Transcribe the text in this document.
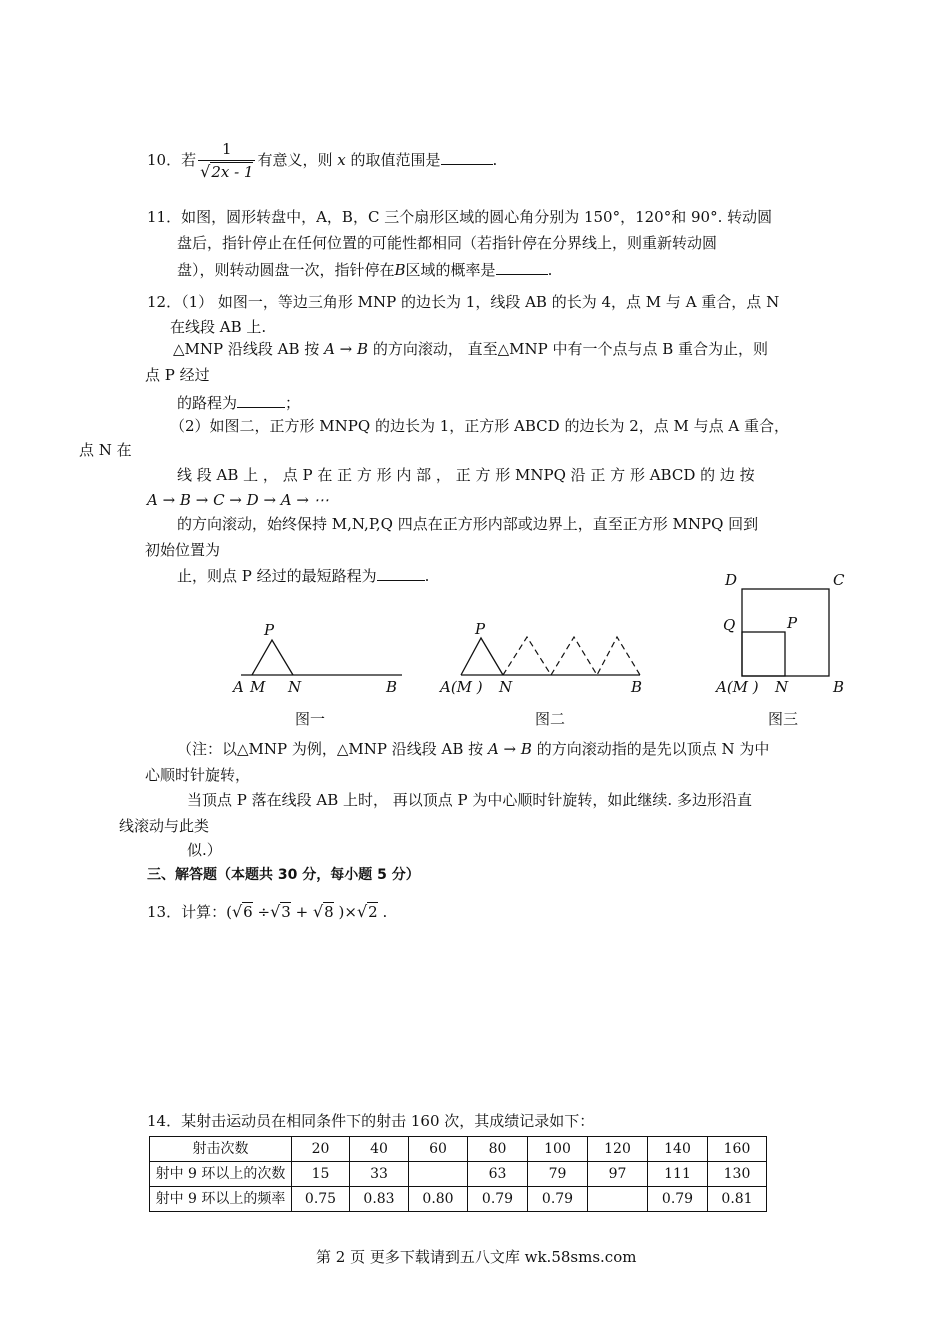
10．若 $\frac{1}{√2x - 1}$ 有意义，则 x 的取值范围是	.
11．如图，圆形转盘中，A，B，C 三个扇形区域的圆心角分别为 150°，120°和 90°. 转动圆
盘后，指针停止在任何位置的可能性都相同（若指针停在分界线上，则重新转动圆
盘），则转动圆盘一次，指针停在B区域的概率是	.
12．（1） 如图一，等边三角形 MNP 的边长为 1，线段 AB 的长为 4，点 M 与 A 重合，点 N
在线段 AB 上.
△MNP 沿线段 AB 按 A → B 的方向滚动， 直至△MNP 中有一个点与点 B 重合为止，则
点 P 经过
的路程为	；
（2）如图二，正方形 MNPQ 的边长为 1，正方形 ABCD 的边长为 2，点 M 与点 A 重合，
点 N 在
线 段 AB 上 ， 点 P 在 正 方 形 内 部 ， 正 方 形 MNPQ 沿 正 方 形 ABCD 的 边 按
A → B → C → D → A → ⋯
的方向滚动，始终保持 M,N,P,Q 四点在正方形内部或边界上，直至正方形 MNPQ 回到
初始位置为
止，则点 P 经过的最短路程为	.
P
A M N	B
P
A(M ) N	B
D	C
Q	P
A(M ) N	B
图一	图二	图三
（注：以△MNP 为例，△MNP 沿线段 AB 按 A → B 的方向滚动指的是先以顶点 N 为中
心顺时针旋转，
当顶点 P 落在线段 AB 上时， 再以顶点 P 为中心顺时针旋转，如此继续. 多边形沿直
线滚动与此类
似.）
三、解答题（本题共 30 分，每小题 5 分）
13．计算：(√6 ÷√3 + √8 )×√2 .
14．某射击运动员在相同条件下的射击 160 次，其成绩记录如下：
射击次数	20	40	60	80	100	120	140	160
射中 9 环以上的次数	15	33		63	79	97	111	130
射中 9 环以上的频率	0.75	0.83	0.80	0.79	0.79		0.79	0.81
第 2 页 更多下载请到五八文库 wk.58sms.com
